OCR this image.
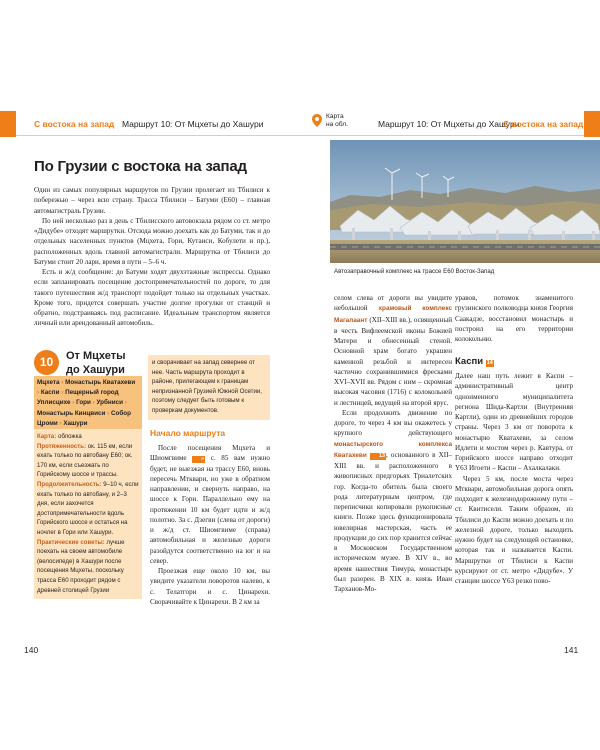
С востока на запад Маршрут 10: От Мцхеты до Хашури
По Грузии с востока на запад

Один из самых популярных маршрутов по Грузии пролегает из Тбилиси к побережью – через всю страну. Трасса Тбилиси – Батуми (E60) – главная автомагистраль Грузии.

По ней несколько раз в день с Тбилисского автовокзала рядом со ст. метро «Дидубе» отходят маршрутки. Отсюда можно доехать как до Батуми, так и до отдельных населенных пунктов (Мцхета, Гори, Кутаиси, Кобулети и пр.), расположенных вдоль главной автомагистрали. Маршрутка от Тбилиси до Батуми стоит 20 лари, время в пути – 5–6 ч.

Есть и ж/д сообщение: до Батуми ходят двухэтажные экспрессы. Однако если запланировать посещение достопримечательностей по дороге, то для такого путешествия ж/д транспорт подойдет только на отдельных участках. Кроме того, придется совершать участие долгие прогулки от станций и обратно, подстраиваясь под расписание. Идеальным транспортом является личный или арендованный автомобиль.

10	От Мцхеты
до Хашури
Мцхета › Монастырь Кватахеви › Каспи › Пещерный город Уплисцихе › Гори › Урбниси › Монастырь Кинцвиси › Собор Цроми › Хашури
Карта: обложка
Протяженность: ок. 115 км, если ехать только по автобану E60; ок. 170 км, если съезжать по Горийскому шоссе и трассы.
Продолжительность: 9–10 ч, если ехать только по автобану, и 2–3 дня, если захочется достопримечательности вдоль Горийского шоссе и остаться на ночлег в Гори или Хашури.
Практические советы: лучше поехать на своем автомобиле (велосипеде) в Хашури после посещения Мцхеты, поскольку трасса E60 проходит рядом с древней столицей Грузии
и сворачивает на запад севернее от нее. Часть маршрута проходит в районе, прилегающем к границам непризнанной Грузией Южной Осетии, поэтому следует быть готовым к проверкам документов.
Начало маршрута

После посещения Мцхета и Шиомгвиме	» с. 85 вам нужно будет, не выезжая на трассу E60, вновь пересечь Мтквари, но уже в обратном направлении, и свернуть направо, на шоссе к Гори. Параллельно ему на протяжении 10 км будет идти и ж/д полотно. За с. Дзегви (слева от дороги) и ж/д ст. Шиомгвиме (справа) автомобильная и железные дороги разойдутся соответственно на юг и на север.

Проезжая еще около 10 км, вы увидите указатели поворотов налево, к с. Телатгори и с. Цинарехи. Сворачивайте к Цинарехи. В 2 км за

140
Маршрут 10: От Мцхеты до Хашури
С востока на запад
Карта
на обл.
Автозаправочный комплекс на трассе E60 Восток-Запад

селом слева от дороги вы увидите небольшой храмовый комплекс Магалаант (XII–XIII вв.), освященный в честь Вифлеемской иконы Божией Матери и обнесенный стеной. Основной храм богато украшен каменной резьбой и интересен частично сохранившимися фресками XVI–XVII вв. Рядом с ним – скромная высокая часовня (1716) с колокольней и лестницей, ведущей на второй ярус.

Если продолжить движение по дороге, то через 4 км вы окажетесь у крупного действующего монастырского комплекса Кватахеви 13, основанного в XII–XIII вв. и расположенного в живописных предгорьях Триалетских гор. Когда-то обитель была своего рода литературным центром, где переписчики копировали рукописные книги. Позже здесь функционировала ювелирная мастерская, часть ее продукции до сих пор хранится сейчас в Московском Государственном историческом музее. В XIV в., во время нашествия Тимура, монастырь был разорен. В XIX в. князь Иван Тарханов-Мо-

уравов, потомок знаменитого грузинского полководца князя Георгия Саакадзе, восстановил монастырь и построил на его территории колокольню.

Каспи 14

Далее наш путь лежит в Каспи – административный центр одноименного муниципалитета региона Шида-Картли (Внутренняя Картли), один из древнейших городов страны. Через 3 км от поворота к монастырю Кватахеви, за селом Идлети и мостом через р. Кавтура, от Горийского шоссе направо отходит Y63 Игоети – Каспи – Ахалкалаки.

Через 5 км, после моста через Мтквари, автомобильная дорога опять подходит к железнодорожному пути – ст. Квитисели. Таким образом, из Тбилиси до Каспи можно доехать и по железной дороге, только выходить нужно будет на следующей остановке, которая так и называется Каспи. Маршрутки от Тбилиси к Каспи курсируют от ст. метро «Дидубе». У станции шоссе Y63 резко пово-

141
